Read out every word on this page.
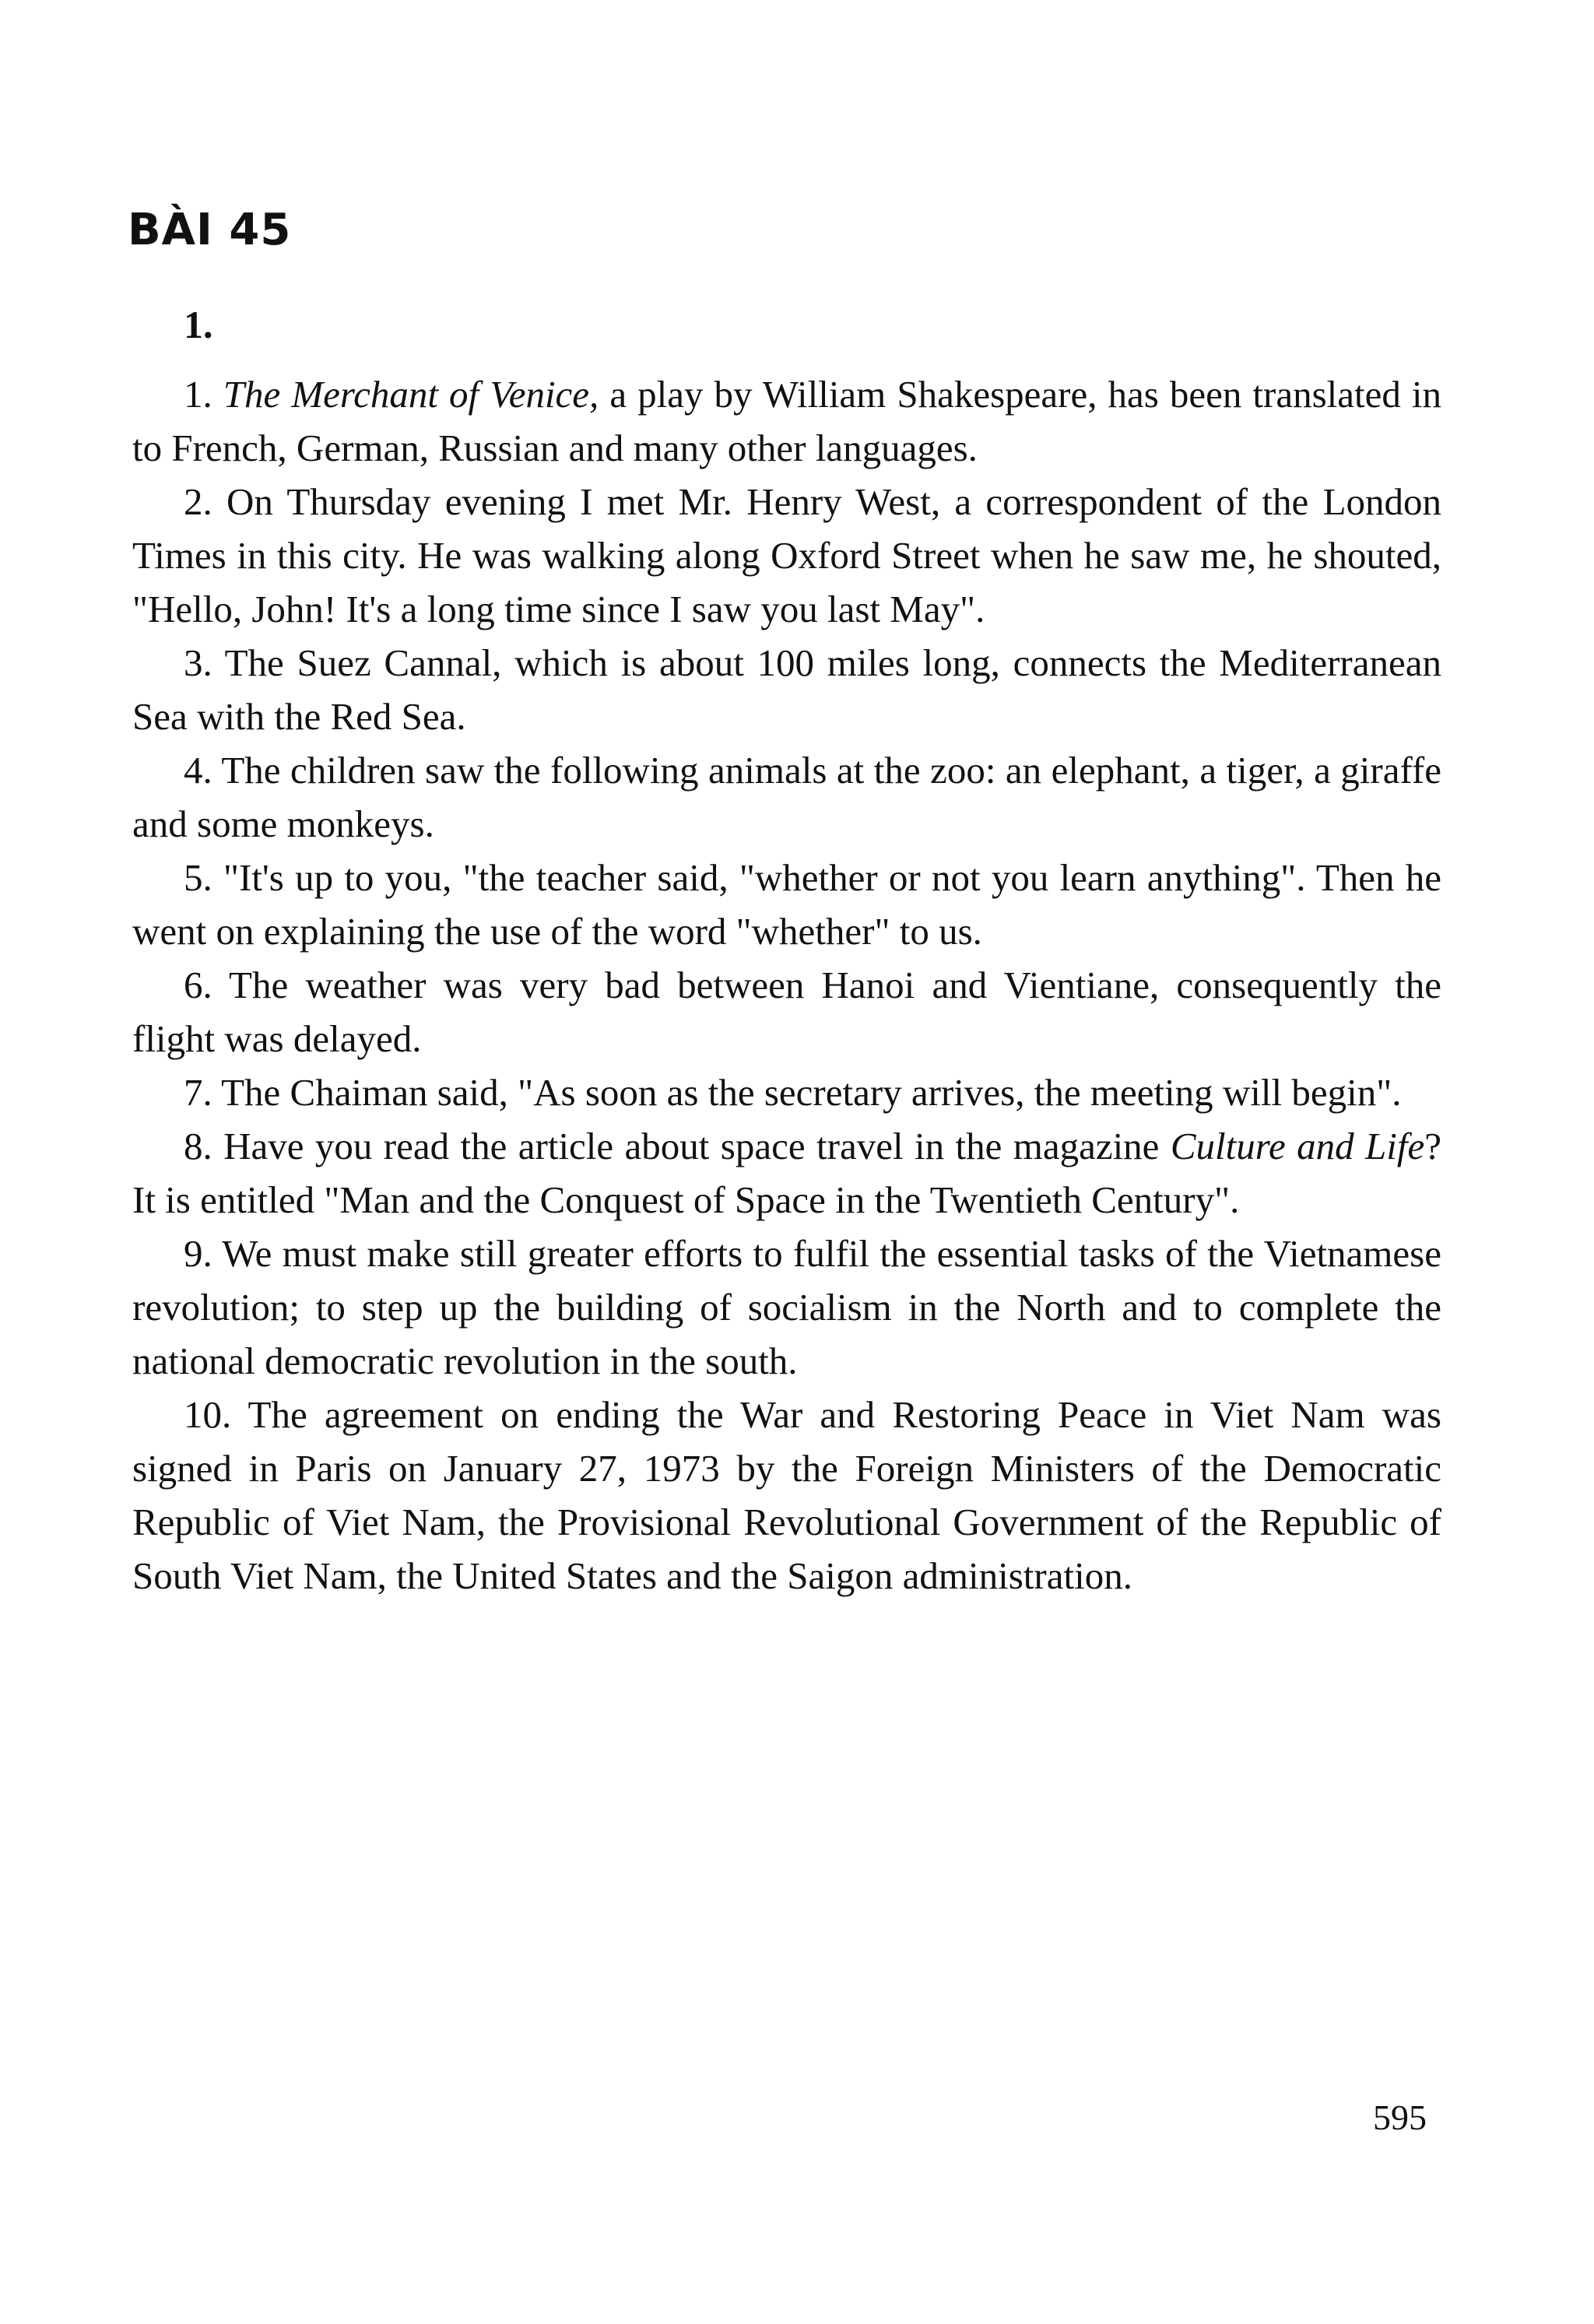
BÀI 45
1.

1. The Merchant of Venice, a play by William Shakespeare, has been translated in to French, German, Russian and many other languages.

2. On Thursday evening I met Mr. Henry West, a correspondent of the London Times in this city. He was walking along Oxford Street when he saw me, he shouted, "Hello, John! It's a long time since I saw you last May".

3. The Suez Cannal, which is about 100 miles long, connects the Mediterranean Sea with the Red Sea.

4. The children saw the following animals at the zoo: an elephant, a tiger, a giraffe and some monkeys.

5. "It's up to you, "the teacher said, "whether or not you learn anything". Then he went on explaining the use of the word "whether" to us.

6. The weather was very bad between Hanoi and Vientiane, consequently the flight was delayed.

7. The Chaiman said, "As soon as the secretary arrives, the meeting will begin".

8. Have you read the article about space travel in the magazine Culture and Life? It is entitled "Man and the Conquest of Space in the Twentieth Century".

9. We must make still greater efforts to fulfil the essential tasks of the Vietnamese revolution; to step up the building of socialism in the North and to complete the national democratic revolution in the south.

10. The agreement on ending the War and Restoring Peace in Viet Nam was signed in Paris on January 27, 1973 by the Foreign Ministers of the Democratic Republic of Viet Nam, the Provisional Revolutional Government of the Republic of South Viet Nam, the United States and the Saigon administration.

595
